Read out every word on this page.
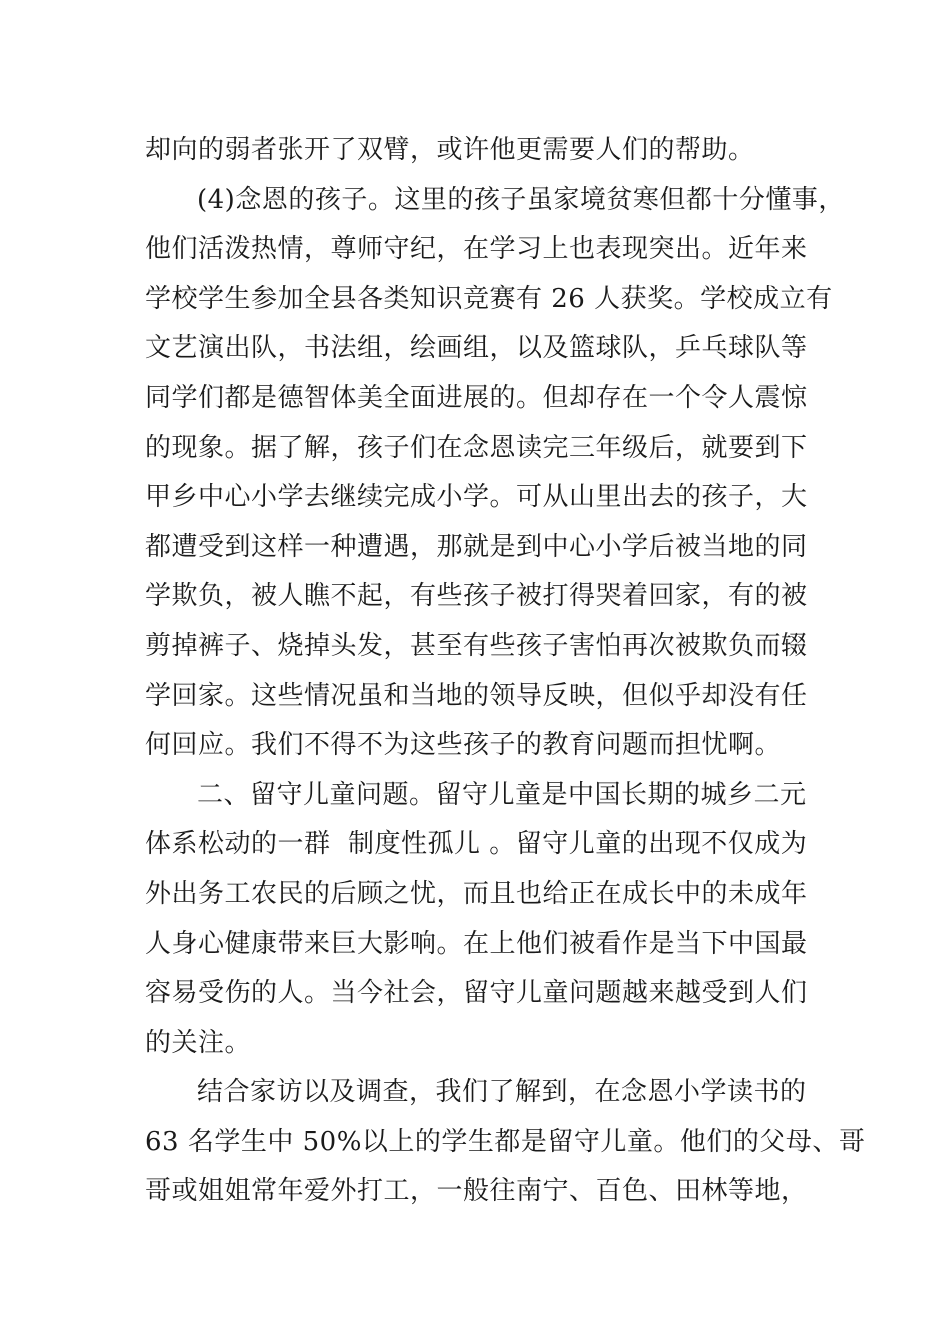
却向的弱者张开了双臂，或许他更需要人们的帮助。
(4)念恩的孩子。这里的孩子虽家境贫寒但都十分懂事，
他们活泼热情，尊师守纪，在学习上也表现突出。近年来
学校学生参加全县各类知识竞赛有 26 人获奖。学校成立有
文艺演出队，书法组，绘画组，以及篮球队，乒乓球队等
同学们都是德智体美全面进展的。但却存在一个令人震惊
的现象。据了解，孩子们在念恩读完三年级后，就要到下
甲乡中心小学去继续完成小学。可从山里出去的孩子，大
都遭受到这样一种遭遇，那就是到中心小学后被当地的同
学欺负，被人瞧不起，有些孩子被打得哭着回家，有的被
剪掉裤子、烧掉头发，甚至有些孩子害怕再次被欺负而辍
学回家。这些情况虽和当地的领导反映，但似乎却没有任
何回应。我们不得不为这些孩子的教育问题而担忧啊。
二、留守儿童问题。留守儿童是中国长期的城乡二元
体系松动的一群  制度性孤儿 。留守儿童的出现不仅成为
外出务工农民的后顾之忧，而且也给正在成长中的未成年
人身心健康带来巨大影响。在上他们被看作是当下中国最
容易受伤的人。当今社会，留守儿童问题越来越受到人们
的关注。
结合家访以及调查，我们了解到，在念恩小学读书的
63 名学生中 50%以上的学生都是留守儿童。他们的父母、哥
哥或姐姐常年爱外打工，一般往南宁、百色、田林等地，
